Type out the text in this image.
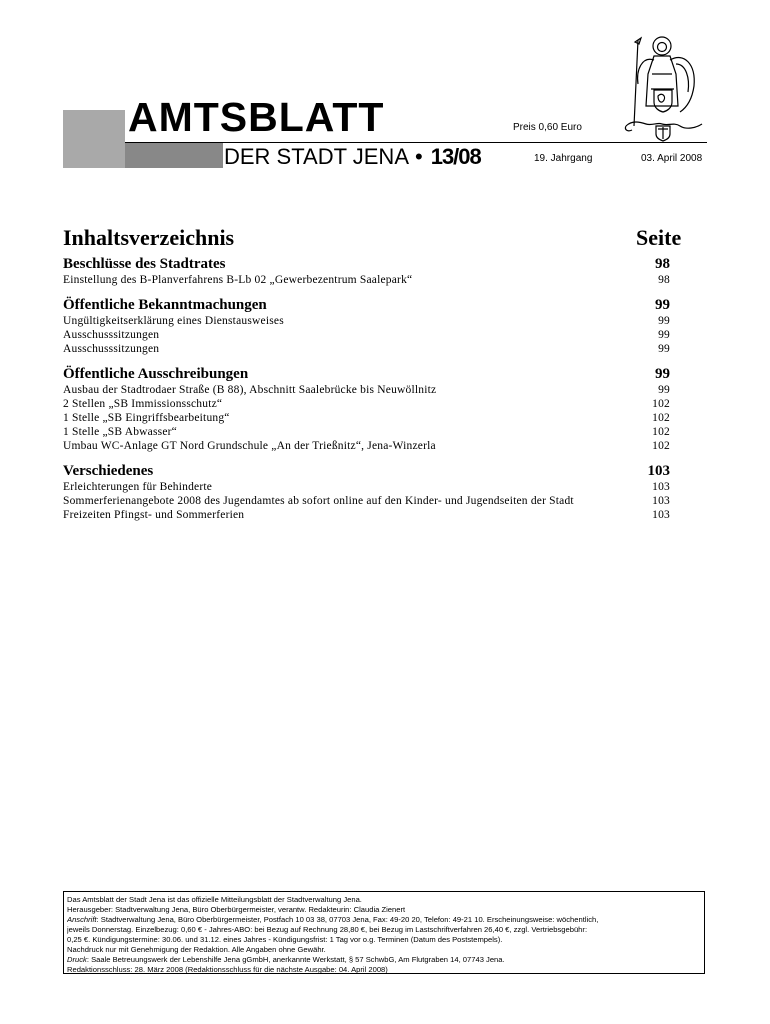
AMTSBLATT
DER STADT JENA • 13/08
Preis 0,60 Euro
19. Jahrgang	03. April 2008
Inhaltsverzeichnis	Seite
Beschlüsse des Stadtrates	98
Einstellung des B-Planverfahrens B-Lb 02 „Gewerbezentrum Saalepark“	98
Öffentliche Bekanntmachungen	99
Ungültigkeitserklärung eines Dienstausweises	99
Ausschusssitzungen	99
Ausschusssitzungen	99
Öffentliche Ausschreibungen	99
Ausbau der Stadtrodaer Straße (B 88), Abschnitt Saalebrücke bis Neuwöllnitz	99
2 Stellen „SB Immissionsschutz“	102
1 Stelle „SB Eingriffsbearbeitung“	102
1 Stelle „SB Abwasser“	102
Umbau WC-Anlage GT Nord Grundschule „An der Trießnitz“, Jena-Winzerla	102
Verschiedenes	103
Erleichterungen für Behinderte	103
Sommerferienangebote 2008 des Jugendamtes ab sofort online auf den Kinder- und Jugendseiten der Stadt	103
Freizeiten Pfingst- und Sommerferien	103
Das Amtsblatt der Stadt Jena ist das offizielle Mitteilungsblatt der Stadtverwaltung Jena.
Herausgeber: Stadtverwaltung Jena, Büro Oberbürgermeister, verantw. Redakteurin: Claudia Zienert
Anschrift: Stadtverwaltung Jena, Büro Oberbürgermeister, Postfach 10 03 38, 07703 Jena, Fax: 49-20 20, Telefon: 49-21 10. Erscheinungsweise: wöchentlich,
jeweils Donnerstag. Einzelbezug: 0,60 € - Jahres-ABO: bei Bezug auf Rechnung 28,80 €, bei Bezug im Lastschriftverfahren 26,40 €, zzgl. Vertriebsgebühr:
0,25 €. Kündigungstermine: 30.06. und 31.12. eines Jahres - Kündigungsfrist: 1 Tag vor o.g. Terminen (Datum des Poststempels).
Nachdruck nur mit Genehmigung der Redaktion. Alle Angaben ohne Gewähr.
Druck: Saale Betreuungswerk der Lebenshilfe Jena gGmbH, anerkannte Werkstatt, § 57 SchwbG, Am Flutgraben 14, 07743 Jena.
Redaktionsschluss: 28. März 2008 (Redaktionsschluss für die nächste Ausgabe: 04. April 2008)
